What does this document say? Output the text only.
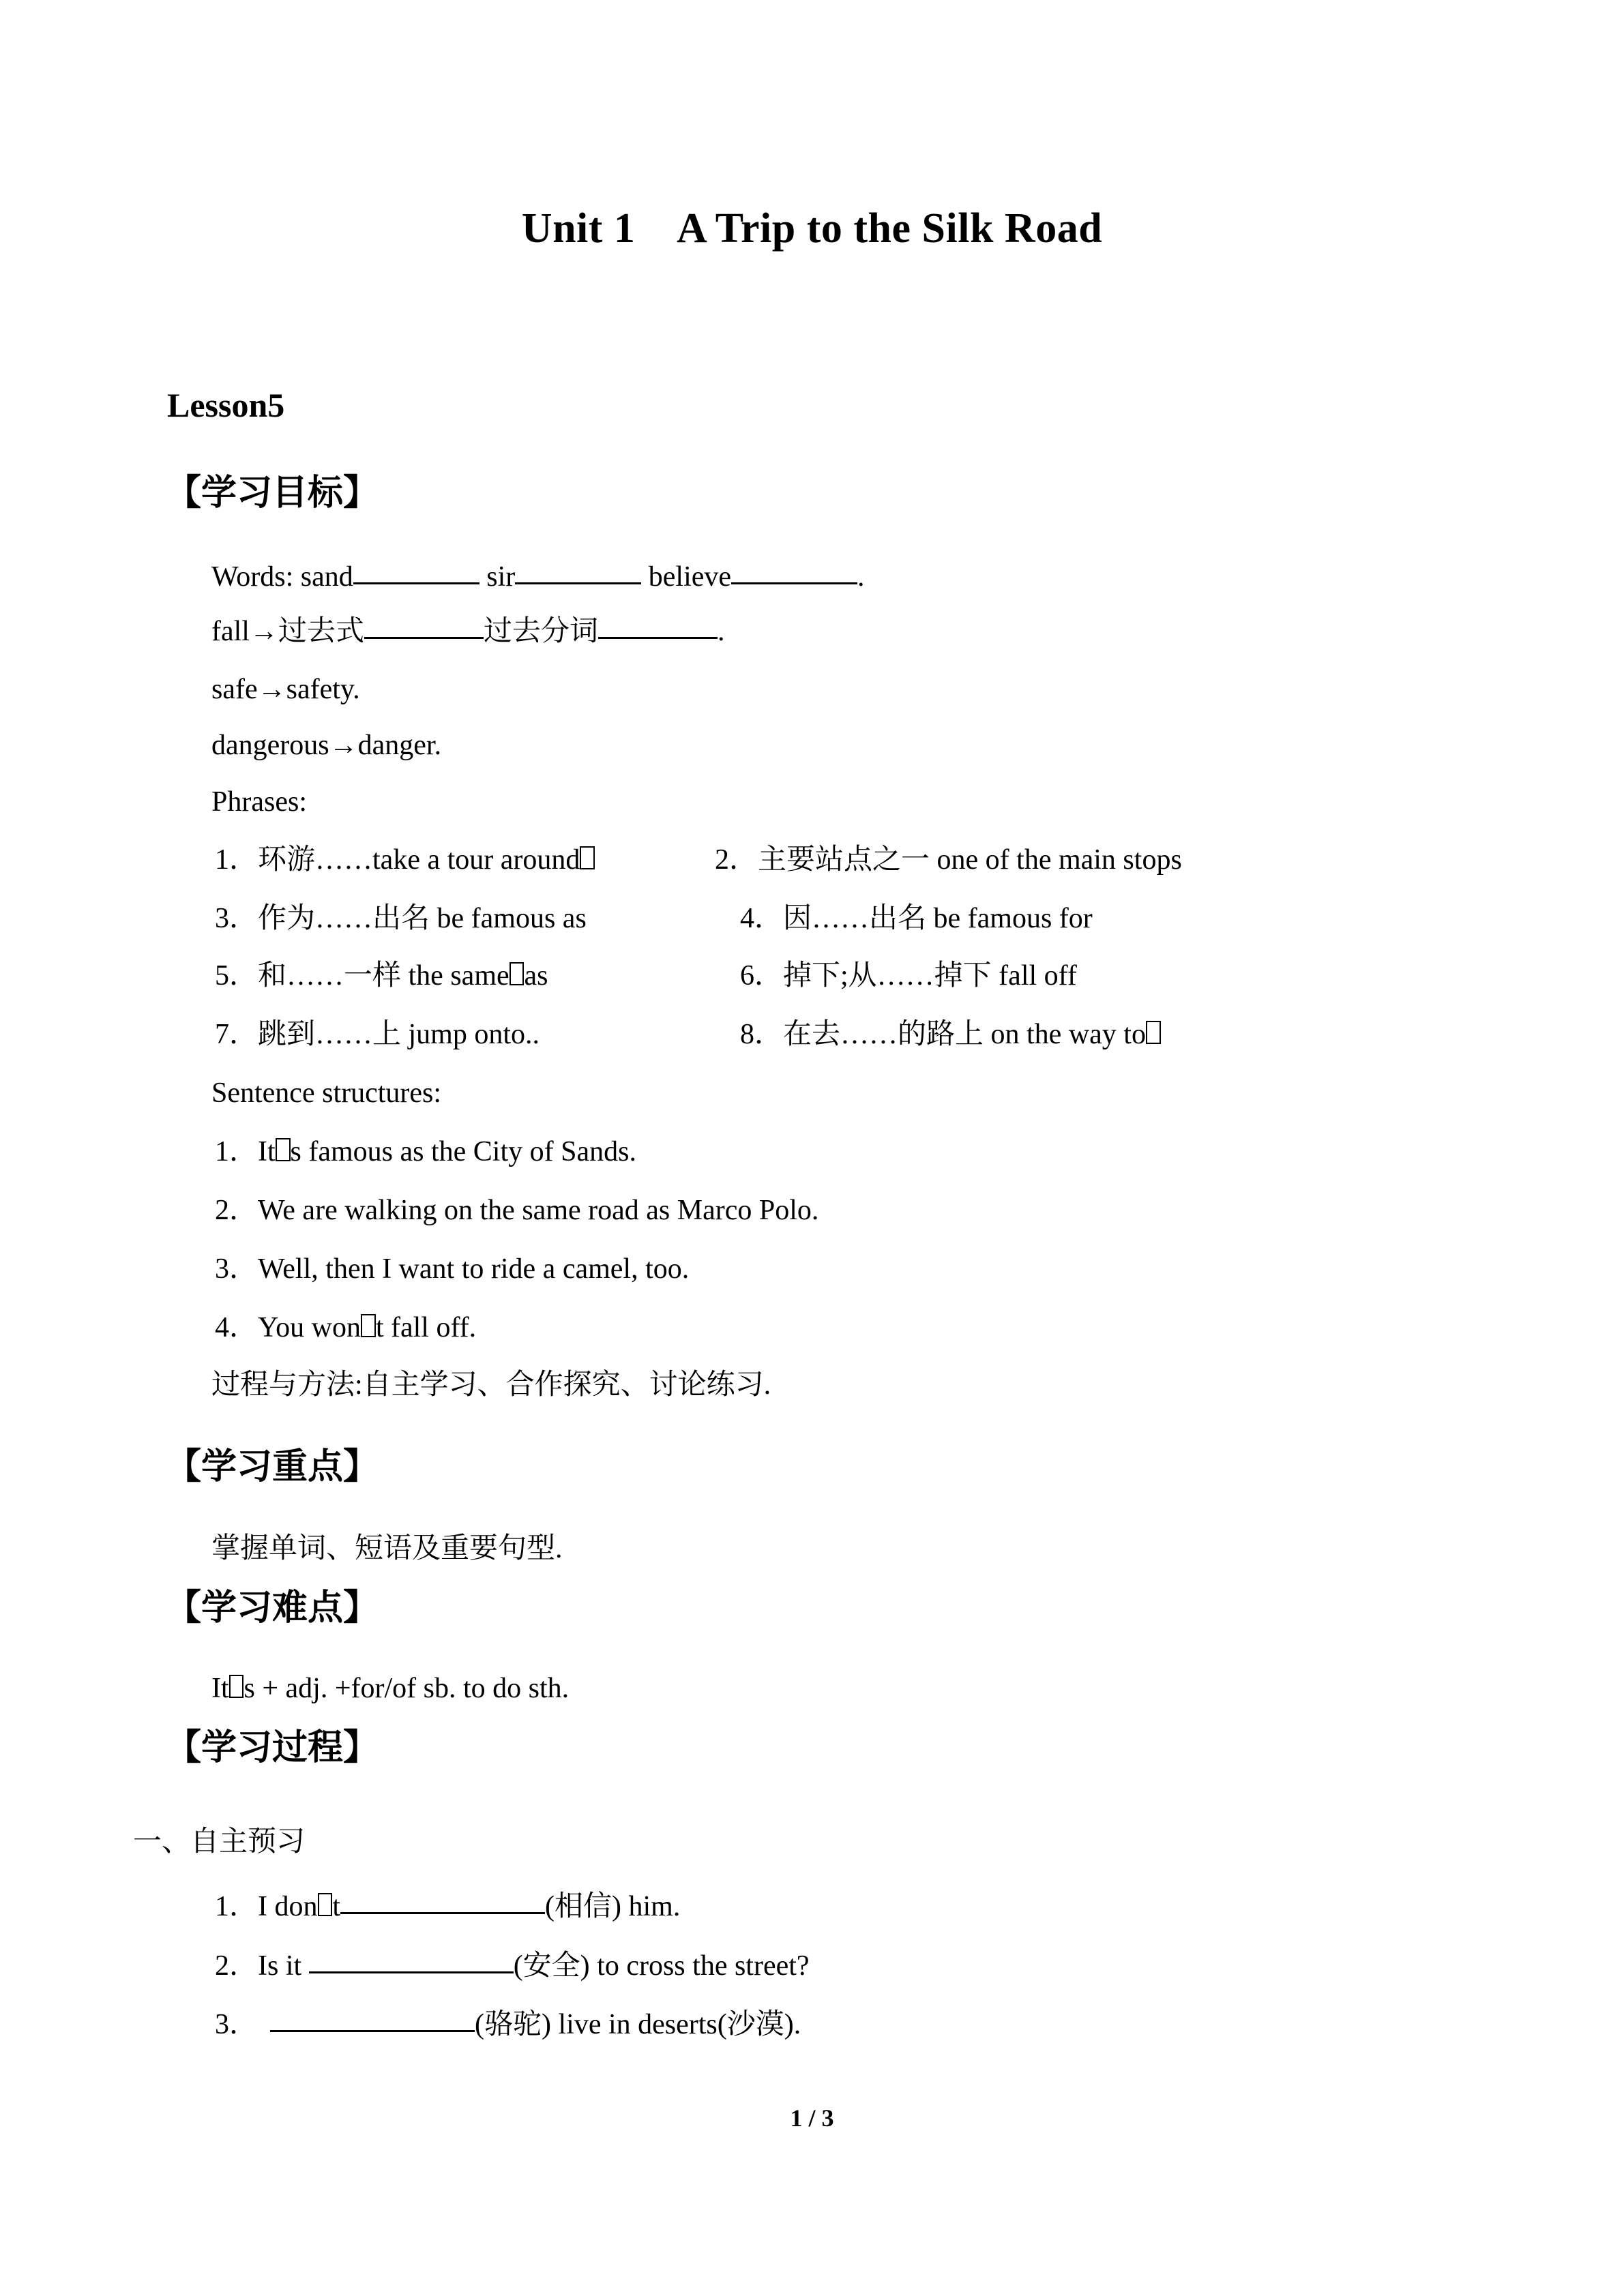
Unit 1    A Trip to the Silk Road
Lesson5
【学习目标】
Words: sand	sir	believe	.
fall→过去式	过去分词	.
safe→safety.
dangerous→danger.
Phrases:
1．环游……take a tour around	2．主要站点之一 one of the main stops
3．作为……出名 be famous as	4．因……出名 be famous for
5．和……一样 the same as	6．掉下;从……掉下 fall off
7．跳到……上 jump onto..	8．在去……的路上 on the way to
Sentence structures:
1．It s famous as the City of Sands.
2．We are walking on the same road as Marco Polo.
3．Well, then I want to ride a camel, too.
4．You won t fall off.
过程与方法:自主学习、合作探究、讨论练习.
【学习重点】
掌握单词、短语及重要句型.
【学习难点】
It s + adj. +for/of sb. to do sth.
【学习过程】
一、自主预习
1．I don t	(相信) him.
2．Is it	(安全) to cross the street?
3．	(骆驼) live in deserts(沙漠).
1 / 3
